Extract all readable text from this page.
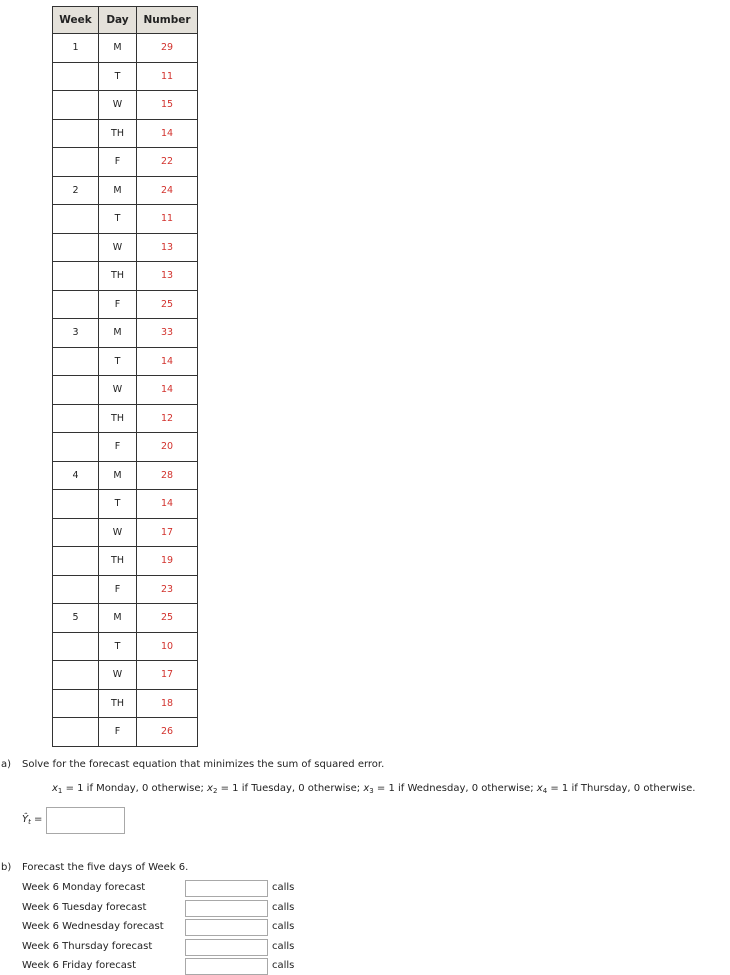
Week	Day	Number
1	M	29
	T	11
	W	15
	TH	14
	F	22
2	M	24
	T	11
	W	13
	TH	13
	F	25
3	M	33
	T	14
	W	14
	TH	12
	F	20
4	M	28
	T	14
	W	17
	TH	19
	F	23
5	M	25
	T	10
	W	17
	TH	18
	F	26
a) Solve for the forecast equation that minimizes the sum of squared error.
$x_1 = 1$ if Monday, 0 otherwise; $x_2 = 1$ if Tuesday, 0 otherwise; $x_3 = 1$ if Wednesday, 0 otherwise; $x_4 = 1$ if Thursday, 0 otherwise.
$Ŷ_t$ =
b) Forecast the five days of Week 6.
Week 6 Monday forecast	calls
Week 6 Tuesday forecast	calls
Week 6 Wednesday forecast	calls
Week 6 Thursday forecast	calls
Week 6 Friday forecast	calls
